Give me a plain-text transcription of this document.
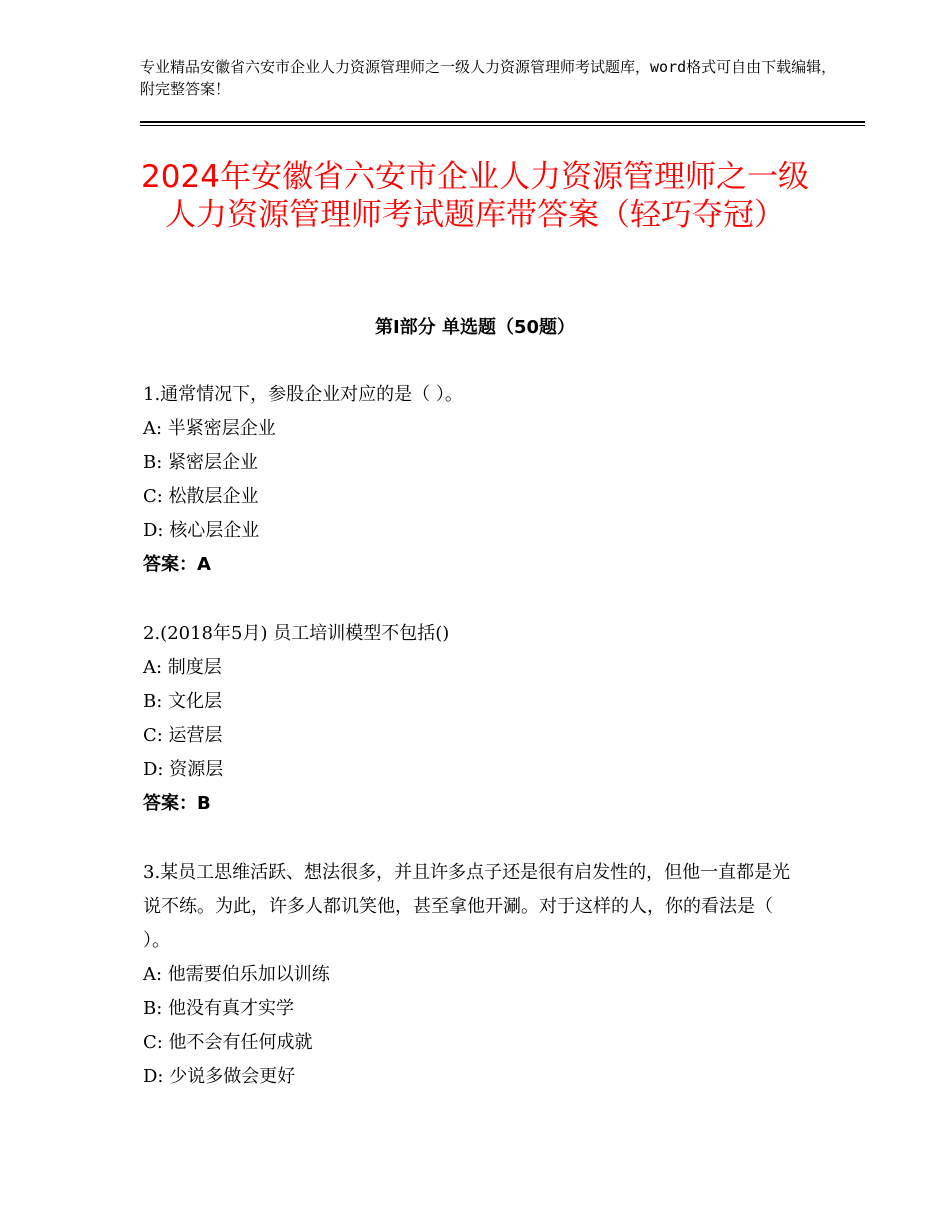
专业精品安徽省六安市企业人力资源管理师之一级人力资源管理师考试题库，word格式可自由下载编辑，附完整答案！
2024年安徽省六安市企业人力资源管理师之一级人力资源管理师考试题库带答案（轻巧夺冠）
第Ⅰ部分 单选题（50题）

1.通常情况下，参股企业对应的是（ ）。

A: 半紧密层企业

B: 紧密层企业

C: 松散层企业

D: 核心层企业

答案：A

2.(2018年5月) 员工培训模型不包括()

A: 制度层

B: 文化层

C: 运营层

D: 资源层

答案：B

3.某员工思维活跃、想法很多，并且许多点子还是很有启发性的，但他一直都是光说不练。为此，许多人都讥笑他，甚至拿他开涮。对于这样的人，你的看法是（ ）。

A: 他需要伯乐加以训练

B: 他没有真才实学

C: 他不会有任何成就

D: 少说多做会更好
